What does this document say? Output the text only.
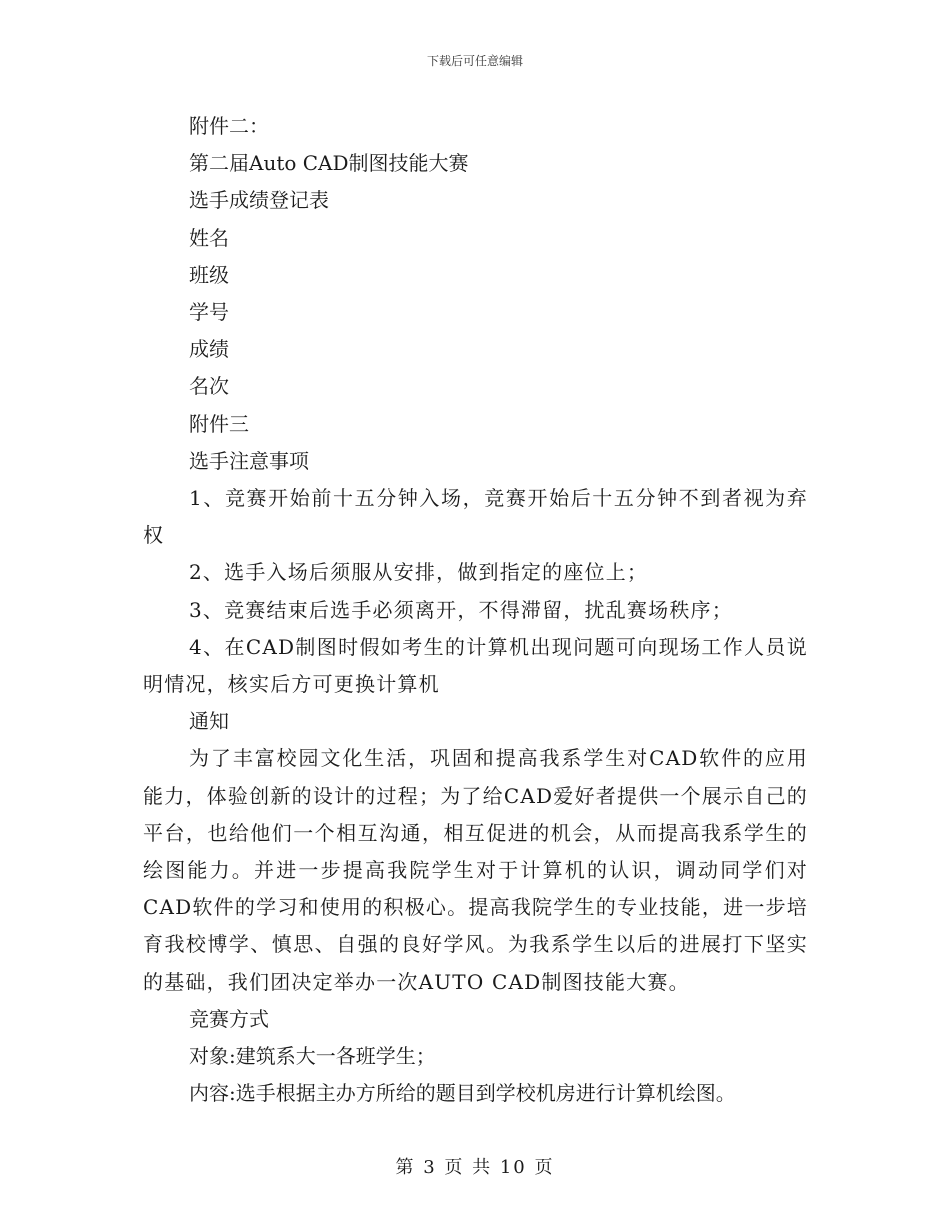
下载后可任意编辑

附件二：

第二届Auto CAD制图技能大赛

选手成绩登记表

姓名

班级

学号

成绩

名次

附件三

选手注意事项

1、竞赛开始前十五分钟入场，竞赛开始后十五分钟不到者视为弃权

2、选手入场后须服从安排，做到指定的座位上；

3、竞赛结束后选手必须离开，不得滞留，扰乱赛场秩序；

4、在CAD制图时假如考生的计算机出现问题可向现场工作人员说明情况，核实后方可更换计算机

通知

为了丰富校园文化生活，巩固和提高我系学生对CAD软件的应用能力，体验创新的设计的过程；为了给CAD爱好者提供一个展示自己的平台，也给他们一个相互沟通，相互促进的机会，从而提高我系学生的绘图能力。并进一步提高我院学生对于计算机的认识，调动同学们对CAD软件的学习和使用的积极心。提高我院学生的专业技能，进一步培育我校博学、慎思、自强的良好学风。为我系学生以后的进展打下坚实的基础，我们团决定举办一次AUTO CAD制图技能大赛。

竞赛方式

对象:建筑系大一各班学生；

内容:选手根据主办方所给的题目到学校机房进行计算机绘图。

第 3 页 共 10 页
